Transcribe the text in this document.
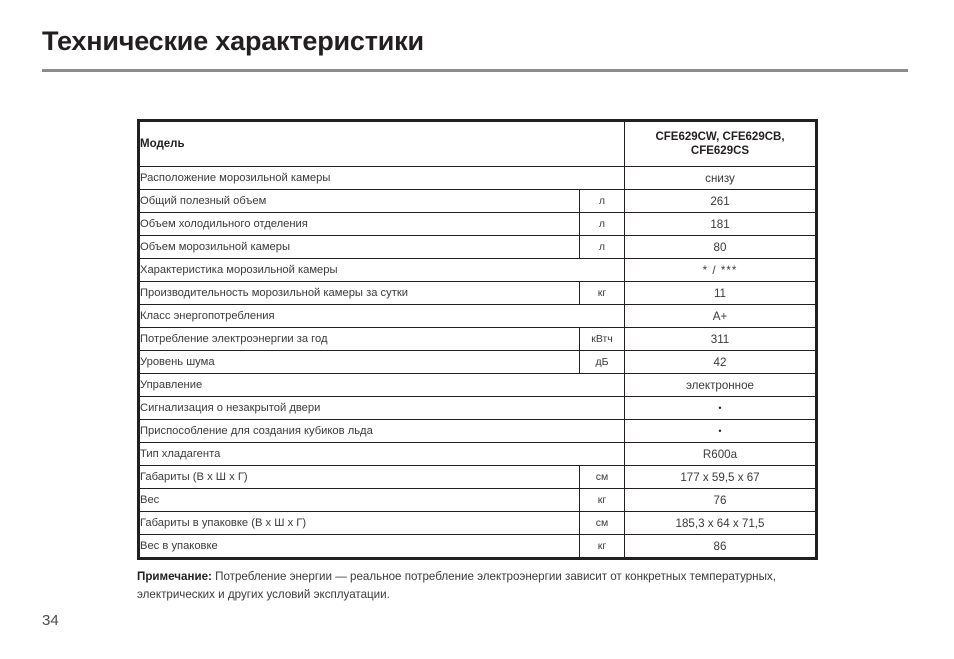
Технические характеристики
Модель		CFE629CW, CFE629CB,
CFE629CS
Расположение морозильной камеры		снизу
Общий полезный объем	л	261
Объем холодильного отделения	л	181
Объем морозильной камеры	л	80
Характеристика морозильной камеры		* / ***
Производительность морозильной камеры за сутки	кг	11
Класс энергопотребления		A+
Потребление электроэнергии за год	кВтч	311
Уровень шума	дБ	42
Управление		электронное
Сигнализация о незакрытой двери		•
Приспособление для создания кубиков льда		•
Тип хладагента		R600a
Габариты (В х Ш х Г)	см	177 x 59,5 x 67
Вес	кг	76
Габариты в упаковке (В х Ш х Г)	см	185,3 x 64 x 71,5
Вес в упаковке	кг	86
Примечание: Потребление энергии — реальное потребление электроэнергии зависит от конкретных температурных, электрических и других условий эксплуатации.
34
